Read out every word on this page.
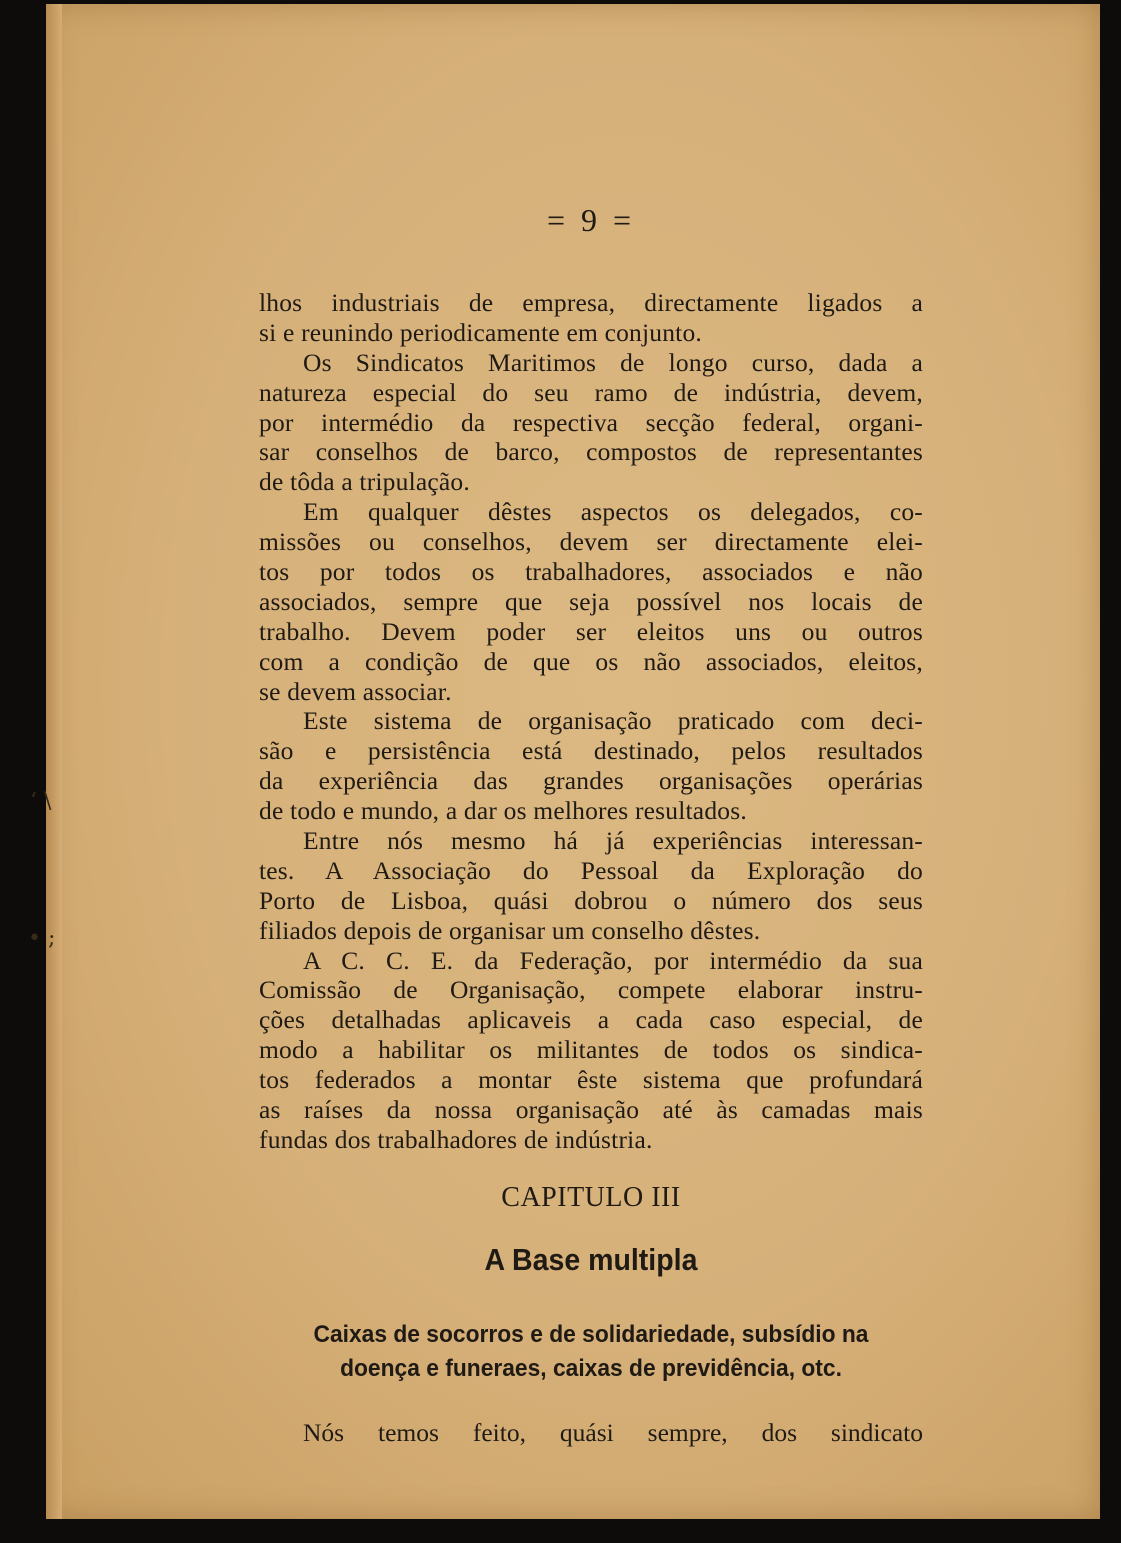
‘ \
• ;
= 9 =
lhos industriais de empresa, directamente ligados a
si e reunindo periodicamente em conjunto.
Os Sindicatos Maritimos de longo curso, dada a
natureza especial do seu ramo de indústria, devem,
por intermédio da respectiva secção federal, organi-
sar conselhos de barco, compostos de representantes
de tôda a tripulação.
Em qualquer dêstes aspectos os delegados, co-
missões ou conselhos, devem ser directamente elei-
tos por todos os trabalhadores, associados e não
associados, sempre que seja possível nos locais de
trabalho. Devem poder ser eleitos uns ou outros
com a condição de que os não associados, eleitos,
se devem associar.
Este sistema de organisação praticado com deci-
são e persistência está destinado, pelos resultados
da experiência das grandes organisações operárias
de todo e mundo, a dar os melhores resultados.
Entre nós mesmo há já experiências interessan-
tes. A Associação do Pessoal da Exploração do
Porto de Lisboa, quási dobrou o número dos seus
filiados depois de organisar um conselho dêstes.
A C. C. E. da Federação, por intermédio da sua
Comissão de Organisação, compete elaborar instru-
ções detalhadas aplicaveis a cada caso especial, de
modo a habilitar os militantes de todos os sindica-
tos federados a montar êste sistema que profundará
as raíses da nossa organisação até às camadas mais
fundas dos trabalhadores de indústria.
CAPITULO III
A Base multipla
Caixas de socorros e de solidariedade, subsídio na
doença e funeraes, caixas de previdência, otc.
Nós temos feito, quási sempre, dos sindicato
